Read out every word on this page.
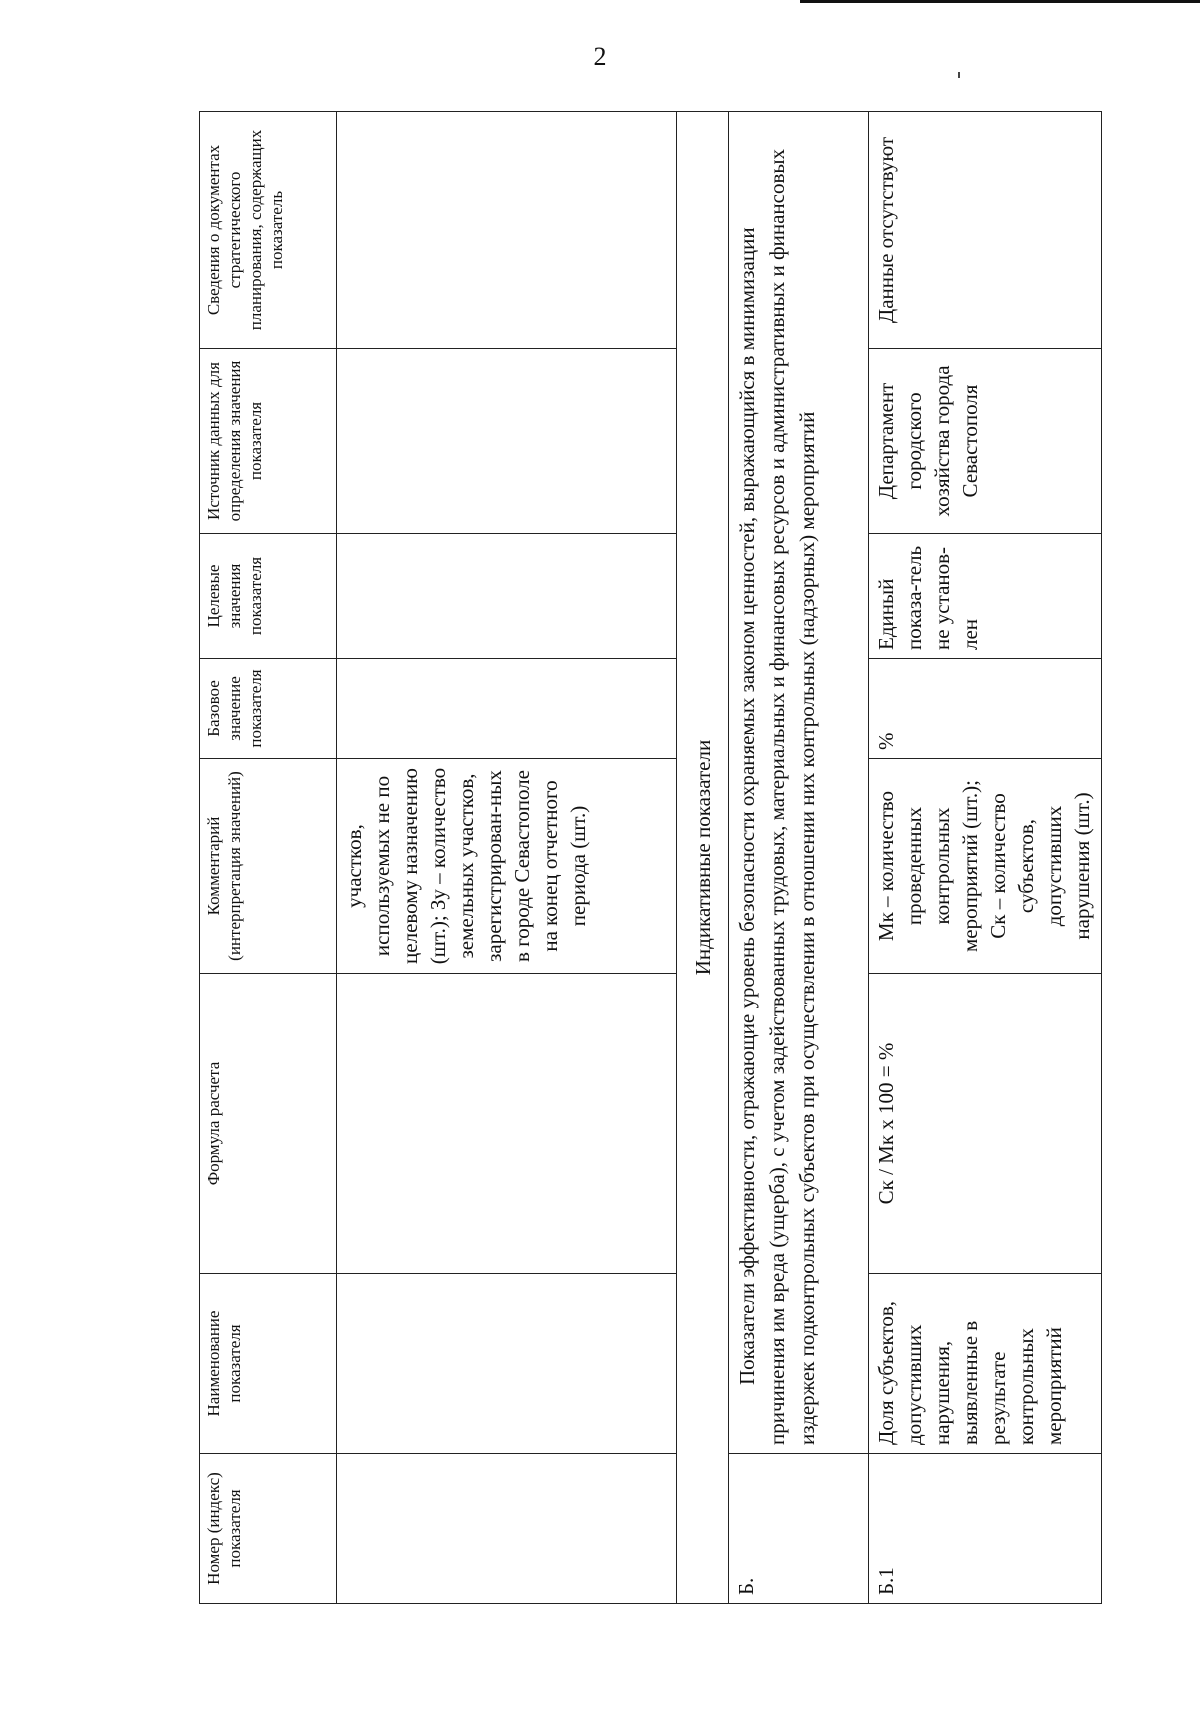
2
Номер (индекс) показателя	Наименование показателя	Формула расчета	Комментарий (интерпретация значений)	Базовое значение показателя	Целевые значения показателя	Источник данных для определения значения показателя	Сведения о документах стратегического планирования, содержащих показатель
			участков, используемых не по целевому назначению (шт.); Зу – количество земельных участков, зарегистрирован-ных в городе Севастополе на конец отчетного периода (шт.)				
Индикативные показатели							
Б.	Показатели эффективности, отражающие уровень безопасности охраняемых законом ценностей, выражающийся в минимизации причинения им вреда (ущерба), с учетом задействованных трудовых, материальных и финансовых ресурсов и административных и финансовых издержек подконтрольных субъектов при осуществлении в отношении них контрольных (надзорных) мероприятий						
Б.1	Доля субъектов, допустивших нарушения, выявленные в результате контрольных мероприятий	Ск / Мк х 100 = %	Мк – количество проведенных контрольных мероприятий (шт.); Ск – количество субъектов, допустивших нарушения (шт.)	%	Единый показа-тель не установ-лен	Департамент городского хозяйства города Севастополя	Данные отсутствуют
